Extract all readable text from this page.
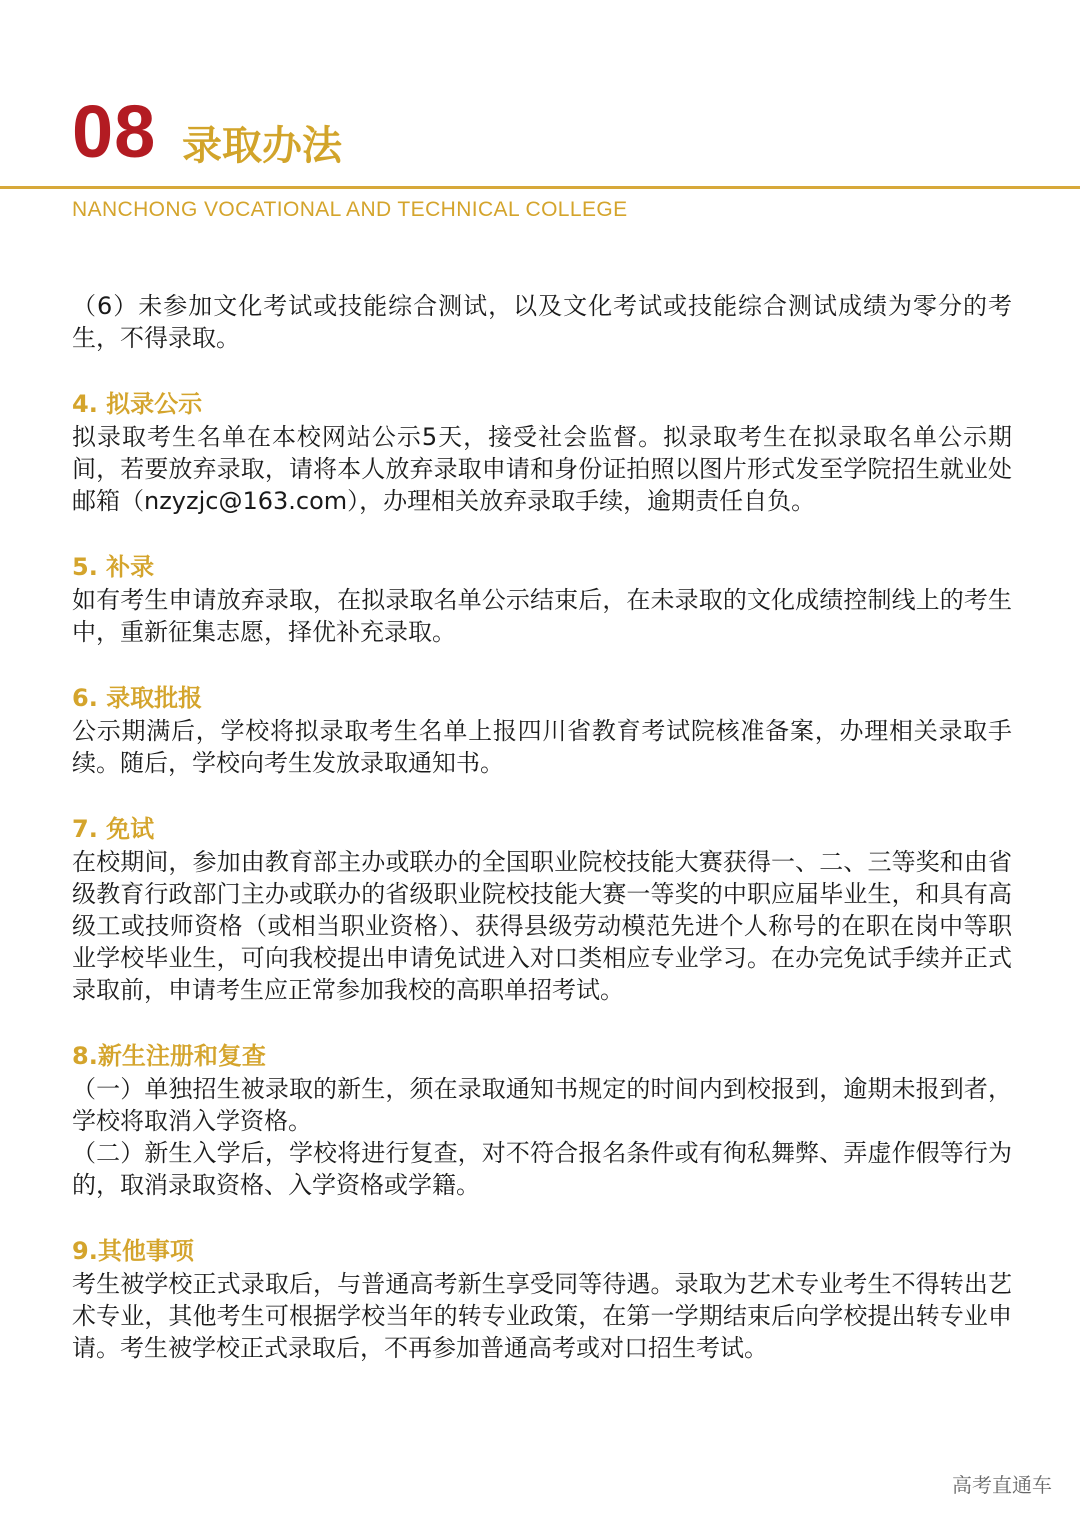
08 录取办法
NANCHONG VOCATIONAL AND TECHNICAL COLLEGE

（6）未参加文化考试或技能综合测试，以及文化考试或技能综合测试成绩为零分的考生，不得录取。

4. 拟录公示

拟录取考生名单在本校网站公示5天，接受社会监督。拟录取考生在拟录取名单公示期间，若要放弃录取，请将本人放弃录取申请和身份证拍照以图片形式发至学院招生就业处邮箱（nzyzjc@163.com），办理相关放弃录取手续，逾期责任自负。

5. 补录

如有考生申请放弃录取，在拟录取名单公示结束后，在未录取的文化成绩控制线上的考生中，重新征集志愿，择优补充录取。

6. 录取批报

公示期满后，学校将拟录取考生名单上报四川省教育考试院核准备案，办理相关录取手续。随后，学校向考生发放录取通知书。

7. 免试

在校期间，参加由教育部主办或联办的全国职业院校技能大赛获得一、二、三等奖和由省级教育行政部门主办或联办的省级职业院校技能大赛一等奖的中职应届毕业生，和具有高级工或技师资格（或相当职业资格）、获得县级劳动模范先进个人称号的在职在岗中等职业学校毕业生，可向我校提出申请免试进入对口类相应专业学习。在办完免试手续并正式录取前，申请考生应正常参加我校的高职单招考试。

8.新生注册和复查

（一）单独招生被录取的新生，须在录取通知书规定的时间内到校报到，逾期未报到者，学校将取消入学资格。

（二）新生入学后，学校将进行复查，对不符合报名条件或有徇私舞弊、弄虚作假等行为的，取消录取资格、入学资格或学籍。

9.其他事项

考生被学校正式录取后，与普通高考新生享受同等待遇。录取为艺术专业考生不得转出艺术专业，其他考生可根据学校当年的转专业政策，在第一学期结束后向学校提出转专业申请。考生被学校正式录取后，不再参加普通高考或对口招生考试。

高考直通车
